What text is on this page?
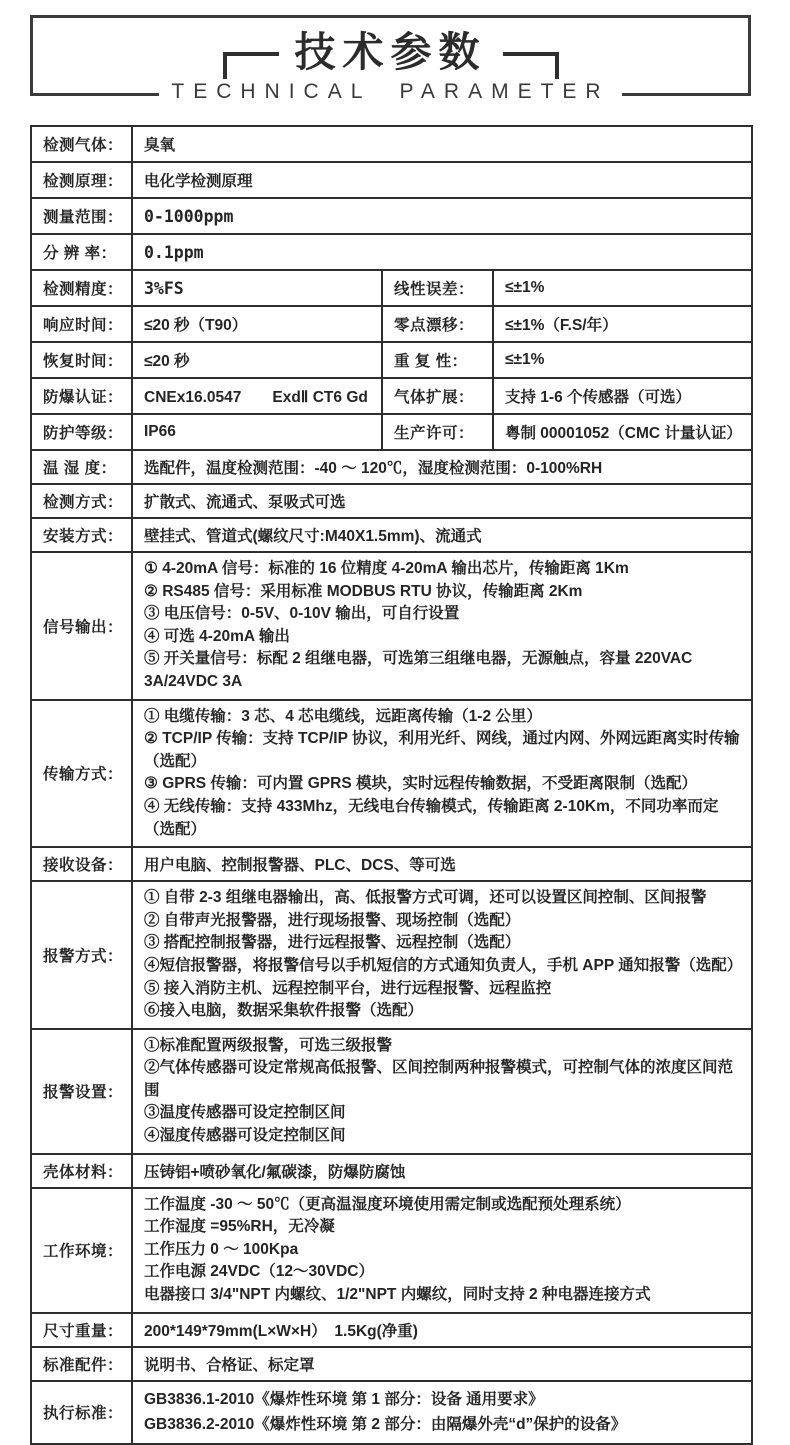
技术参数
TECHNICAL PARAMETER
检测气体：	臭氧		
检测原理：	电化学检测原理		
测量范围：	0-1000ppm		
分 辨 率：	0.1ppm		
检测精度：	3%FS	线性误差：	≤±1%
响应时间：	≤20 秒（T90）	零点漂移：	≤±1%（F.S/年）
恢复时间：	≤20 秒	重 复 性：	≤±1%
防爆认证：	CNEx16.0547　　ExdⅡ CT6 Gd	气体扩展：	支持 1-6 个传感器（可选）
防护等级：	IP66	生产许可：	粤制 00001052（CMC 计量认证）
温 湿 度：	选配件，温度检测范围：-40 ～ 120℃，湿度检测范围：0-100%RH		
检测方式：	扩散式、流通式、泵吸式可选		
安装方式：	壁挂式、管道式(螺纹尺寸:M40X1.5mm)、流通式		
信号输出：	① 4-20mA 信号：标准的 16 位精度 4-20mA 输出芯片，传输距离 1Km
② RS485 信号：采用标准 MODBUS RTU 协议，传输距离 2Km
③ 电压信号：0-5V、0-10V 输出，可自行设置
④ 可选 4-20mA 输出
⑤ 开关量信号：标配 2 组继电器，可选第三组继电器，无源触点，容量 220VAC 3A/24VDC 3A		

传输方式：	① 电缆传输：3 芯、4 芯电缆线，远距离传输（1-2 公里）
② TCP/IP 传输：支持 TCP/IP 协议，利用光纤、网线，通过内网、外网远距离实时传输（选配）
③ GPRS 传输：可内置 GPRS 模块，实时远程传输数据，不受距离限制（选配）
④ 无线传输：支持 433Mhz，无线电台传输模式，传输距离 2-10Km，不同功率而定（选配）		

接收设备：	用户电脑、控制报警器、PLC、DCS、等可选		
报警方式：	
① 自带 2-3 组继电器输出，高、低报警方式可调，还可以设置区间控制、区间报警
② 自带声光报警器，进行现场报警、现场控制（选配）
③ 搭配控制报警器，进行远程报警、远程控制（选配）
④短信报警器，将报警信号以手机短信的方式通知负责人，手机 APP 通知报警（选配）
⑤ 接入消防主机、远程控制平台，进行远程报警、远程监控
⑥接入电脑，数据采集软件报警（选配）

报警设置：	①标准配置两级报警，可选三级报警
②气体传感器可设定常规高低报警、区间控制两种报警模式，可控制气体的浓度区间范围
③温度传感器可设定控制区间
④湿度传感器可设定控制区间		

壳体材料：	压铸铝+喷砂氧化/氟碳漆，防爆防腐蚀		
工作环境：	工作温度 -30 ～ 50℃（更高温湿度环境使用需定制或选配预处理系统）
工作湿度 =95%RH，无冷凝
工作压力 0 ～ 100Kpa
工作电源 24VDC（12～30VDC）
电器接口 3/4"NPT 内螺纹、1/2"NPT 内螺纹，同时支持 2 种电器连接方式		

尺寸重量：	200*149*79mm(L×W×H）　1.5Kg(净重)		
标准配件：	说明书、合格证、标定罩		
执行标准：	GB3836.1-2010《爆炸性环境 第 1 部分：设备 通用要求》
GB3836.2-2010《爆炸性环境 第 2 部分：由隔爆外壳“d”保护的设备》		
